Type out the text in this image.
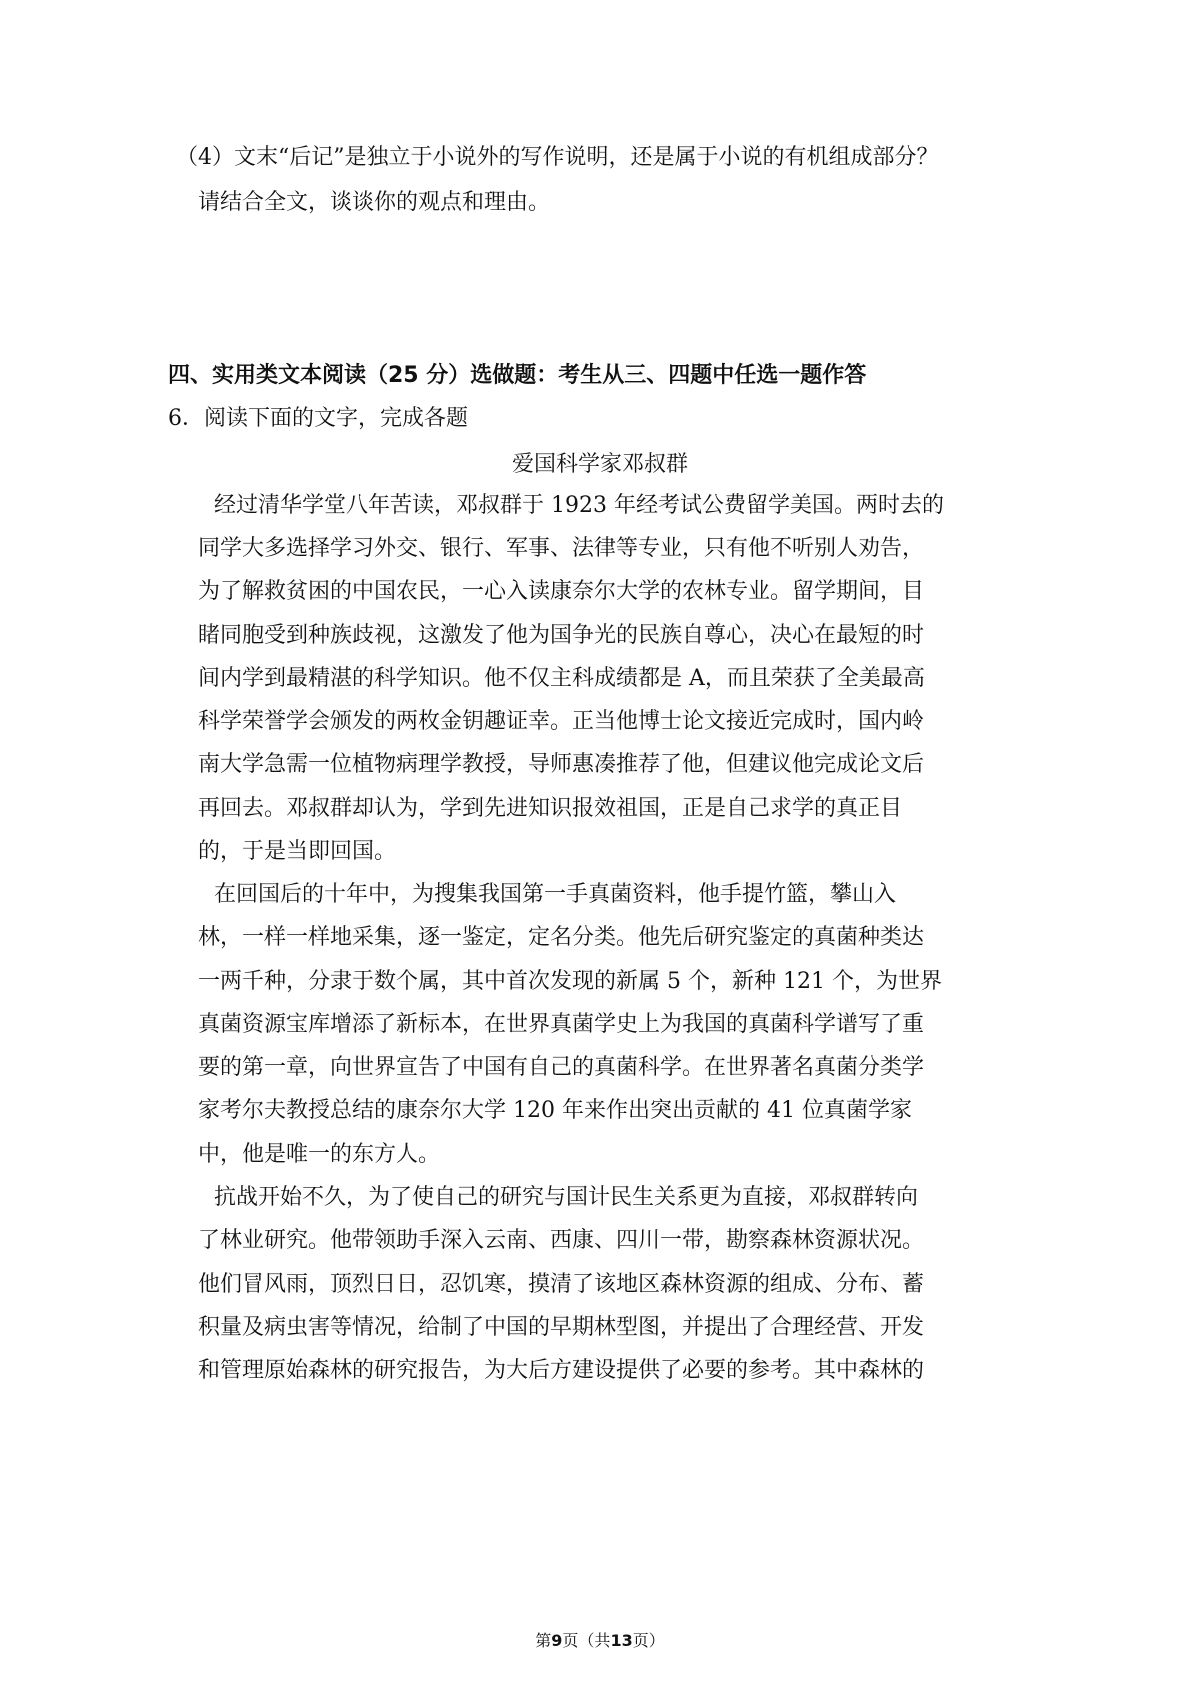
（4）文末“后记”是独立于小说外的写作说明，还是属于小说的有机组成部分？
请结合全文，谈谈你的观点和理由。
四、实用类文本阅读（25 分）选做题：考生从三、四题中任选一题作答
6．阅读下面的文字，完成各题
爱国科学家邓叔群
经过清华学堂八年苦读，邓叔群于 1923 年经考试公费留学美国。两时去的
同学大多选择学习外交、银行、军事、法律等专业，只有他不听别人劝告，
为了解救贫困的中国农民，一心入读康奈尔大学的农林专业。留学期间，目
睹同胞受到种族歧视，这激发了他为国争光的民族自尊心，决心在最短的时
间内学到最精湛的科学知识。他不仅主科成绩都是 A，而且荣获了全美最高
科学荣誉学会颁发的两枚金钥趣证幸。正当他博士论文接近完成时，国内岭
南大学急需一位植物病理学教授，导师惠凑推荐了他，但建议他完成论文后
再回去。邓叔群却认为，学到先进知识报效祖国，正是自己求学的真正目
的，于是当即回国。
在回国后的十年中，为搜集我国第一手真菌资料，他手提竹篮，攀山入
林，一样一样地采集，逐一鉴定，定名分类。他先后研究鉴定的真菌种类达
一两千种，分隶于数个属，其中首次发现的新属 5 个，新种 121 个，为世界
真菌资源宝库增添了新标本，在世界真菌学史上为我国的真菌科学谱写了重
要的第一章，向世界宣告了中国有自己的真菌科学。在世界著名真菌分类学
家考尔夫教授总结的康奈尔大学 120 年来作出突出贡献的 41 位真菌学家
中，他是唯一的东方人。
抗战开始不久，为了使自己的研究与国计民生关系更为直接，邓叔群转向
了林业研究。他带领助手深入云南、西康、四川一带，勘察森林资源状况。
他们冒风雨，顶烈日日，忍饥寒，摸清了该地区森林资源的组成、分布、蓄
积量及病虫害等情况，给制了中国的早期林型图，并提出了合理经营、开发
和管理原始森林的研究报告，为大后方建设提供了必要的参考。其中森林的
第9页（共13页）
